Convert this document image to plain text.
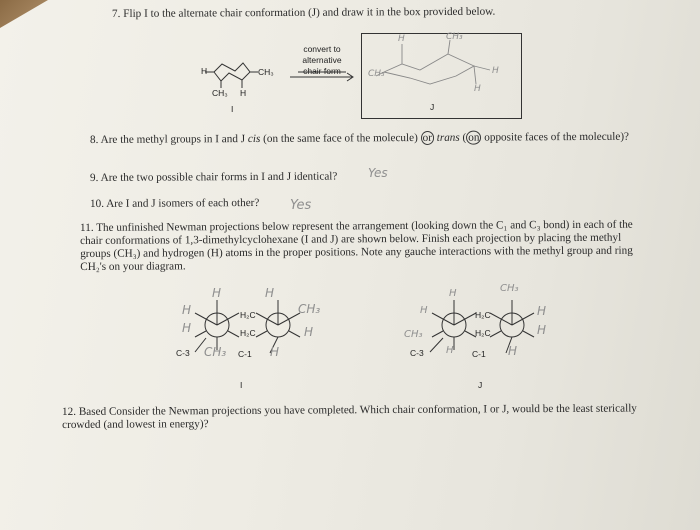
7. Flip I to the alternate chair conformation (J) and draw it in the box provided below.

H	CH₃
CH₃ H
I
convert to
alternative
chair form
H	CH₃
CH₃
H
H
J

8. Are the methyl groups in I and J cis (on the same face of the molecule) or trans ( on opposite faces of the molecule)?

9. Are the two possible chair forms in I and J identical?	Yes

10. Are I and J isomers of each other?	Yes

11. The unfinished Newman projections below represent the arrangement (looking down the C₁ and C₃ bond) in each of the chair conformations of 1,3-dimethylcyclohexane (I and J) are shown below. Finish each projection by placing the methyl groups (CH₃) and hydrogen (H) atoms in the proper positions. Note any gauche interactions with the methyl group and ring CH₂'s on your diagram.

H₂C
H₂C
C-3	C-1
I
H
H
H	H
CH₃
H
CH₃	H
H₂C
H₂C
C-3	C-1
J
H
CH₃
H	CH₃
H
H
H	H

12. Based Consider the Newman projections you have completed. Which chair conformation, I or J, would be the least sterically crowded (and lowest in energy)?
